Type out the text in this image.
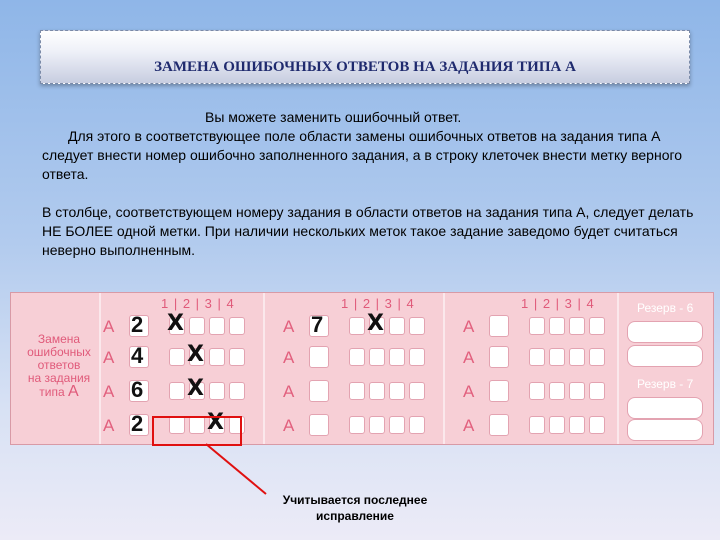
ЗАМЕНА ОШИБОЧНЫХ ОТВЕТОВ НА ЗАДАНИЯ ТИПА А
Вы можете заменить ошибочный ответ.
Для этого в соответствующее поле области замены ошибочных ответов на задания типа А следует внести номер ошибочно заполненного задания, а в строку клеточек внести метку верного ответа.
В столбце, соответствующем номеру задания в области ответов на задания типа А, следует делать НЕ БОЛЕЕ одной метки. При наличии нескольких меток такое задание заведомо будет считаться неверно выполненным.
Замена
ошибочных
ответов
на задания
типа А
1 | 2 | 3 | 4
А 2 X
А 4 X
А 6 X
А 2	X
1 | 2 | 3 | 4
А 7 X
А
А
А
1 | 2 | 3 | 4
А
А
А
А
Резерв - 6
Резерв - 7
Учитывается последнее исправление
